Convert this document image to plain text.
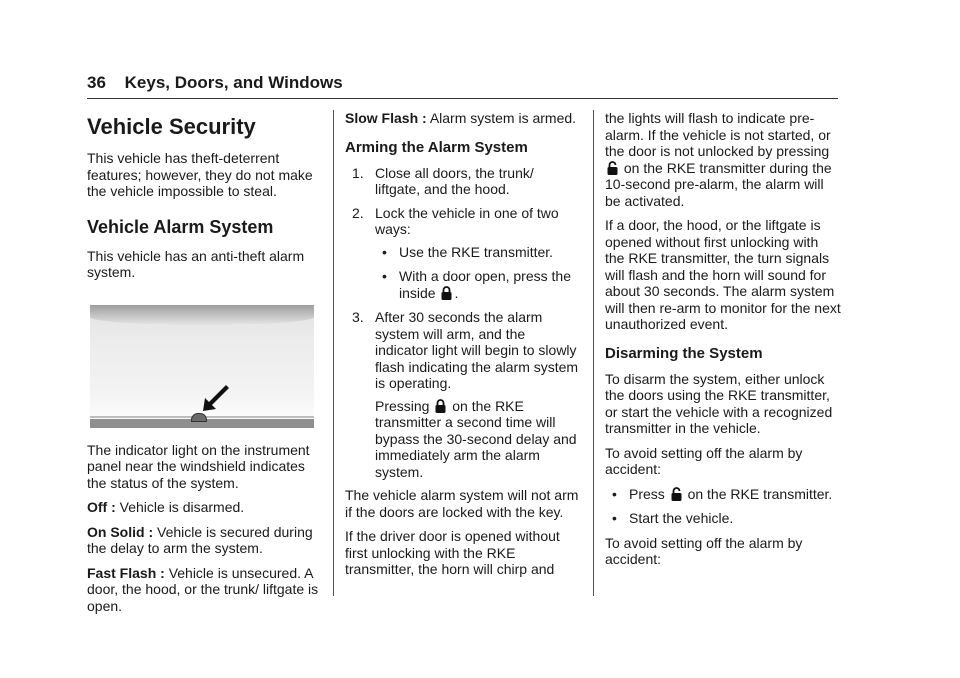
36 Keys, Doors, and Windows
Vehicle Security

This vehicle has theft-deterrent features; however, they do not make the vehicle impossible to steal.

Vehicle Alarm System

This vehicle has an anti-theft alarm system.

The indicator light on the instrument panel near the windshield indicates the status of the system.

Off : Vehicle is disarmed.

On Solid : Vehicle is secured during the delay to arm the system.

Fast Flash : Vehicle is unsecured. A door, the hood, or the trunk/ liftgate is open.

Slow Flash : Alarm system is armed.

Arming the Alarm System
1. Close all doors, the trunk/ liftgate, and the hood.
2. Lock the vehicle in one of two ways:
• Use the RKE transmitter.
• With a door open, press the inside .
3. After 30 seconds the alarm system will arm, and the indicator light will begin to slowly flash indicating the alarm system is operating.
Pressing on the RKE transmitter a second time will bypass the 30-second delay and immediately arm the alarm system.

The vehicle alarm system will not arm if the doors are locked with the key.

If the driver door is opened without first unlocking with the RKE transmitter, the horn will chirp and

the lights will flash to indicate pre-alarm. If the vehicle is not started, or the door is not unlocked by pressing  on the RKE transmitter during the 10-second pre-alarm, the alarm will be activated.

If a door, the hood, or the liftgate is opened without first unlocking with the RKE transmitter, the turn signals will flash and the horn will sound for about 30 seconds. The alarm system will then re-arm to monitor for the next unauthorized event.

Disarming the System

To disarm the system, either unlock the doors using the RKE transmitter, or start the vehicle with a recognized transmitter in the vehicle.

To avoid setting off the alarm by accident:

• Press on the RKE transmitter.
• Start the vehicle.

To avoid setting off the alarm by accident:
